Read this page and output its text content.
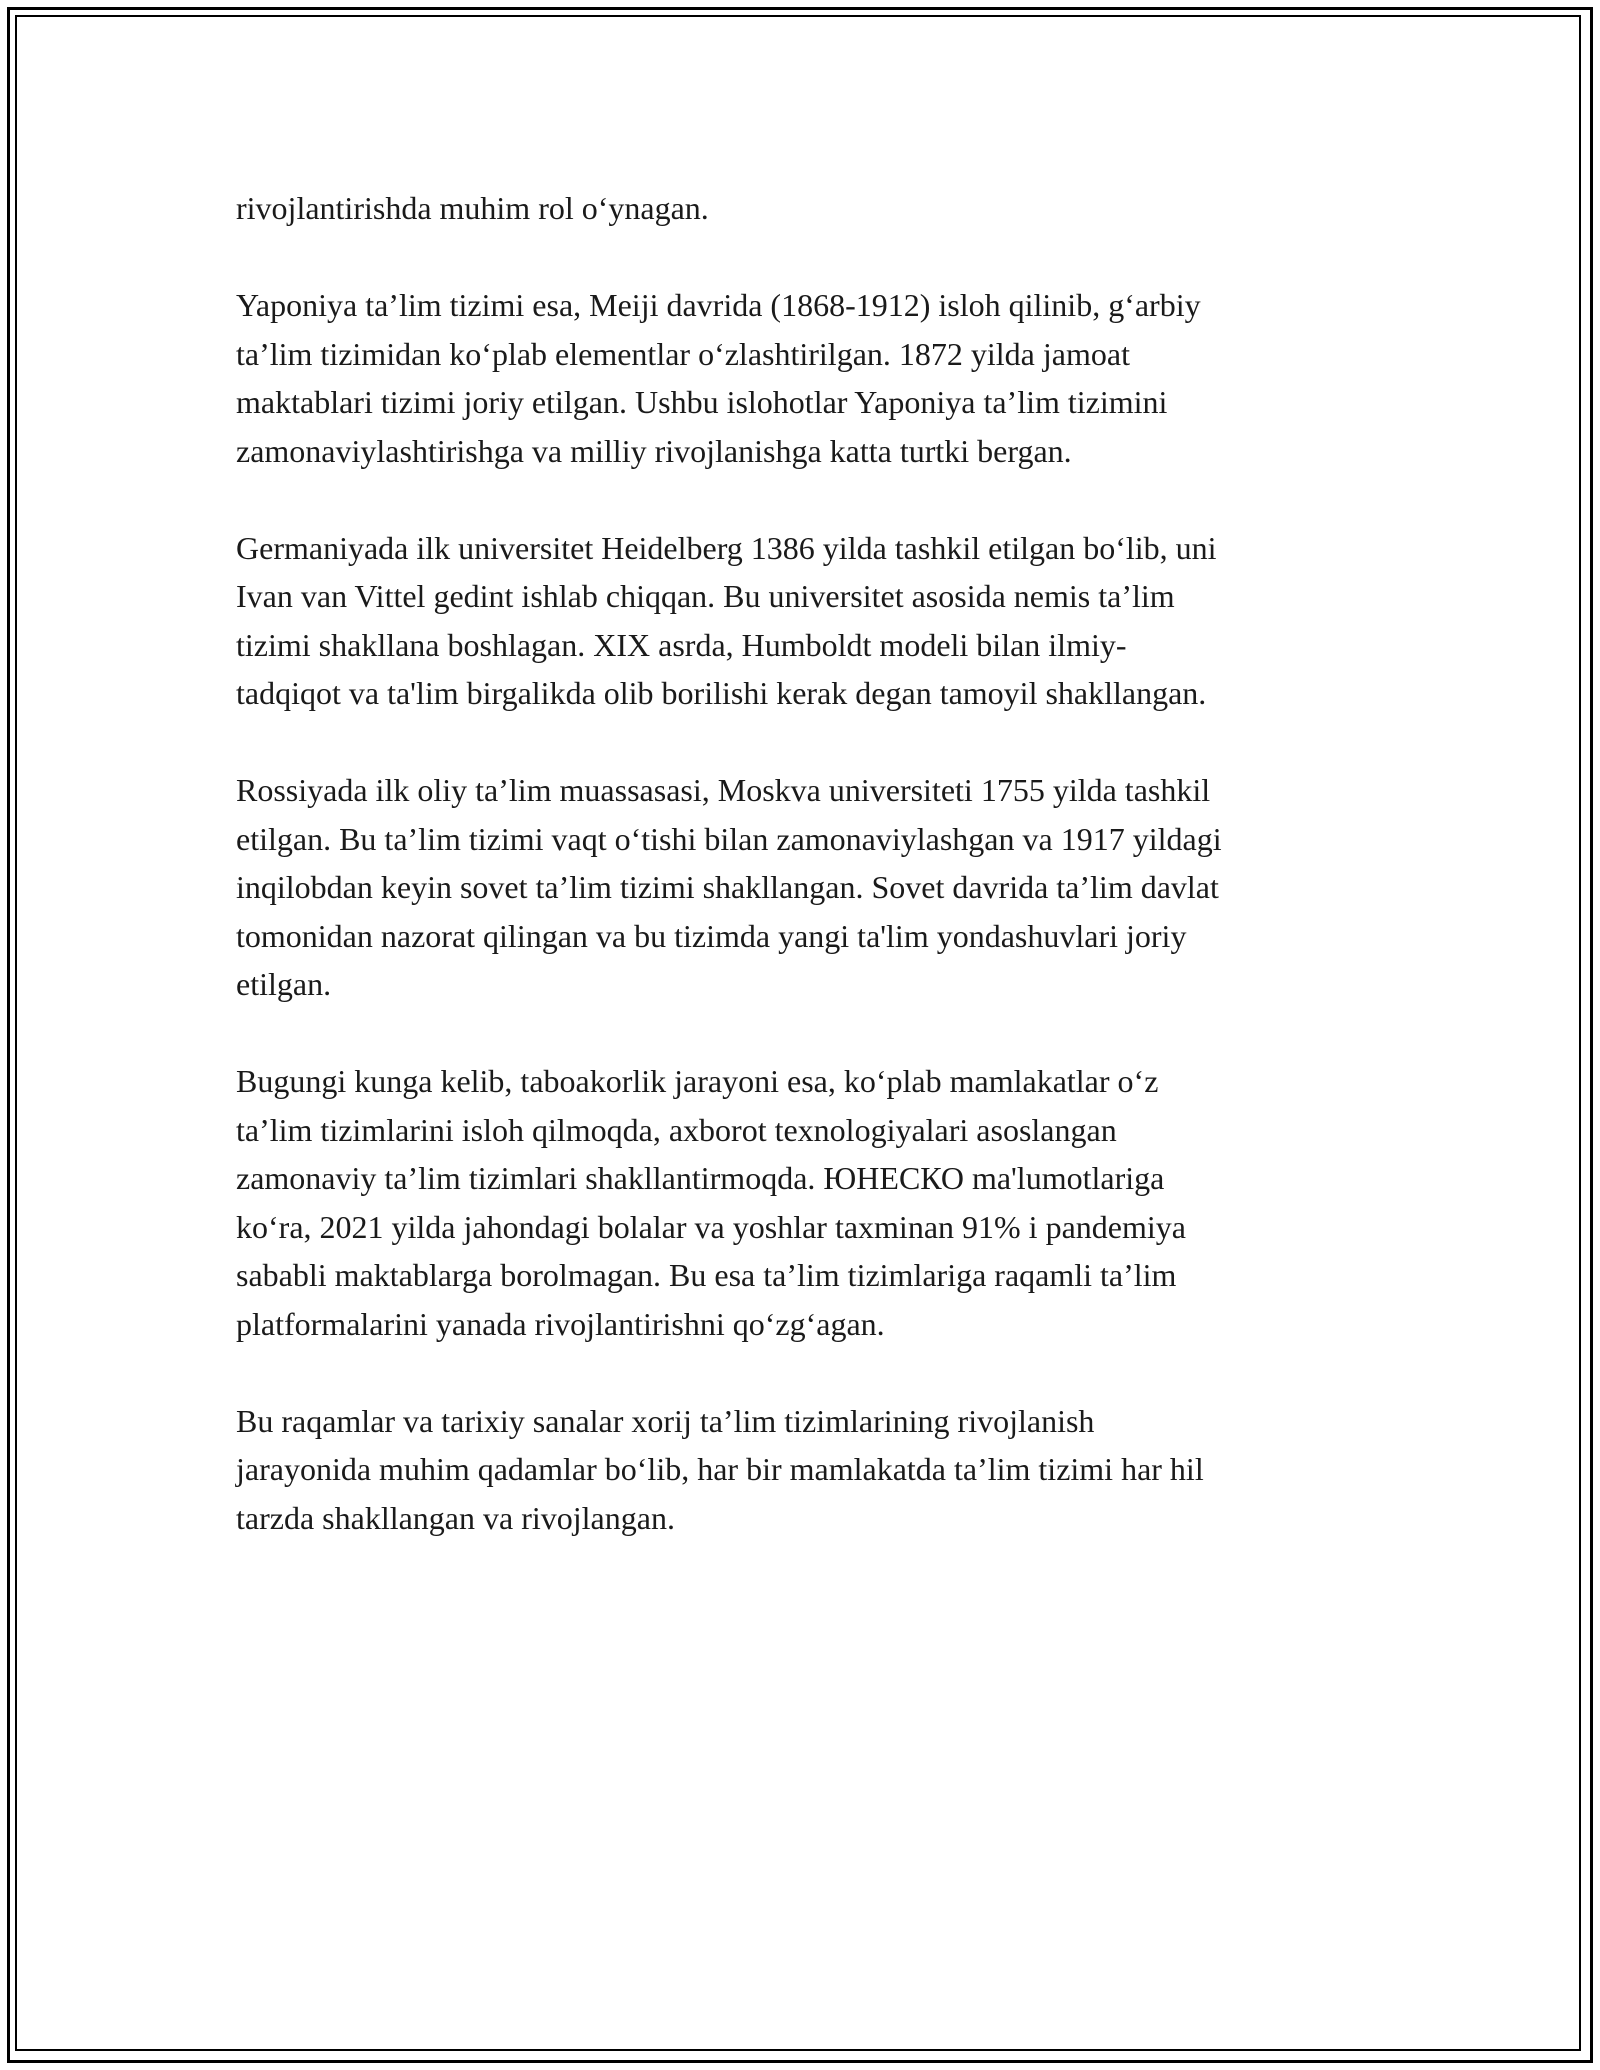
rivojlantirishda muhim rol oʻynagan.

Yaponiya ta’lim tizimi esa, Meiji davrida (1868-1912) isloh qilinib, gʻarbiy
ta’lim tizimidan koʻplab elementlar oʻzlashtirilgan. 1872 yilda jamoat
maktablari tizimi joriy etilgan. Ushbu islohotlar Yaponiya ta’lim tizimini
zamonaviylashtirishga va milliy rivojlanishga katta turtki bergan.

Germaniyada ilk universitet Heidelberg 1386 yilda tashkil etilgan boʻlib, uni
Ivan van Vittel gedint ishlab chiqqan. Bu universitet asosida nemis ta’lim
tizimi shakllana boshlagan. XIX asrda, Humboldt modeli bilan ilmiy-
tadqiqot va ta'lim birgalikda olib borilishi kerak degan tamoyil shakllangan.

Rossiyada ilk oliy ta’lim muassasasi, Moskva universiteti 1755 yilda tashkil
etilgan. Bu ta’lim tizimi vaqt oʻtishi bilan zamonaviylashgan va 1917 yildagi
inqilobdan keyin sovet ta’lim tizimi shakllangan. Sovet davrida ta’lim davlat
tomonidan nazorat qilingan va bu tizimda yangi ta'lim yondashuvlari joriy
etilgan.

Bugungi kunga kelib, taboakorlik jarayoni esa, koʻplab mamlakatlar oʻz
ta’lim tizimlarini isloh qilmoqda, axborot texnologiyalari asoslangan
zamonaviy ta’lim tizimlari shakllantirmoqda. ЮНЕСКО ma'lumotlariga
koʻra, 2021 yilda jahondagi bolalar va yoshlar taxminan 91% i pandemiya
sababli maktablarga borolmagan. Bu esa ta’lim tizimlariga raqamli ta’lim
platformalarini yanada rivojlantirishni qoʻzgʻagan.

Bu raqamlar va tarixiy sanalar xorij ta’lim tizimlarining rivojlanish
jarayonida muhim qadamlar boʻlib, har bir mamlakatda ta’lim tizimi har hil
tarzda shakllangan va rivojlangan.
